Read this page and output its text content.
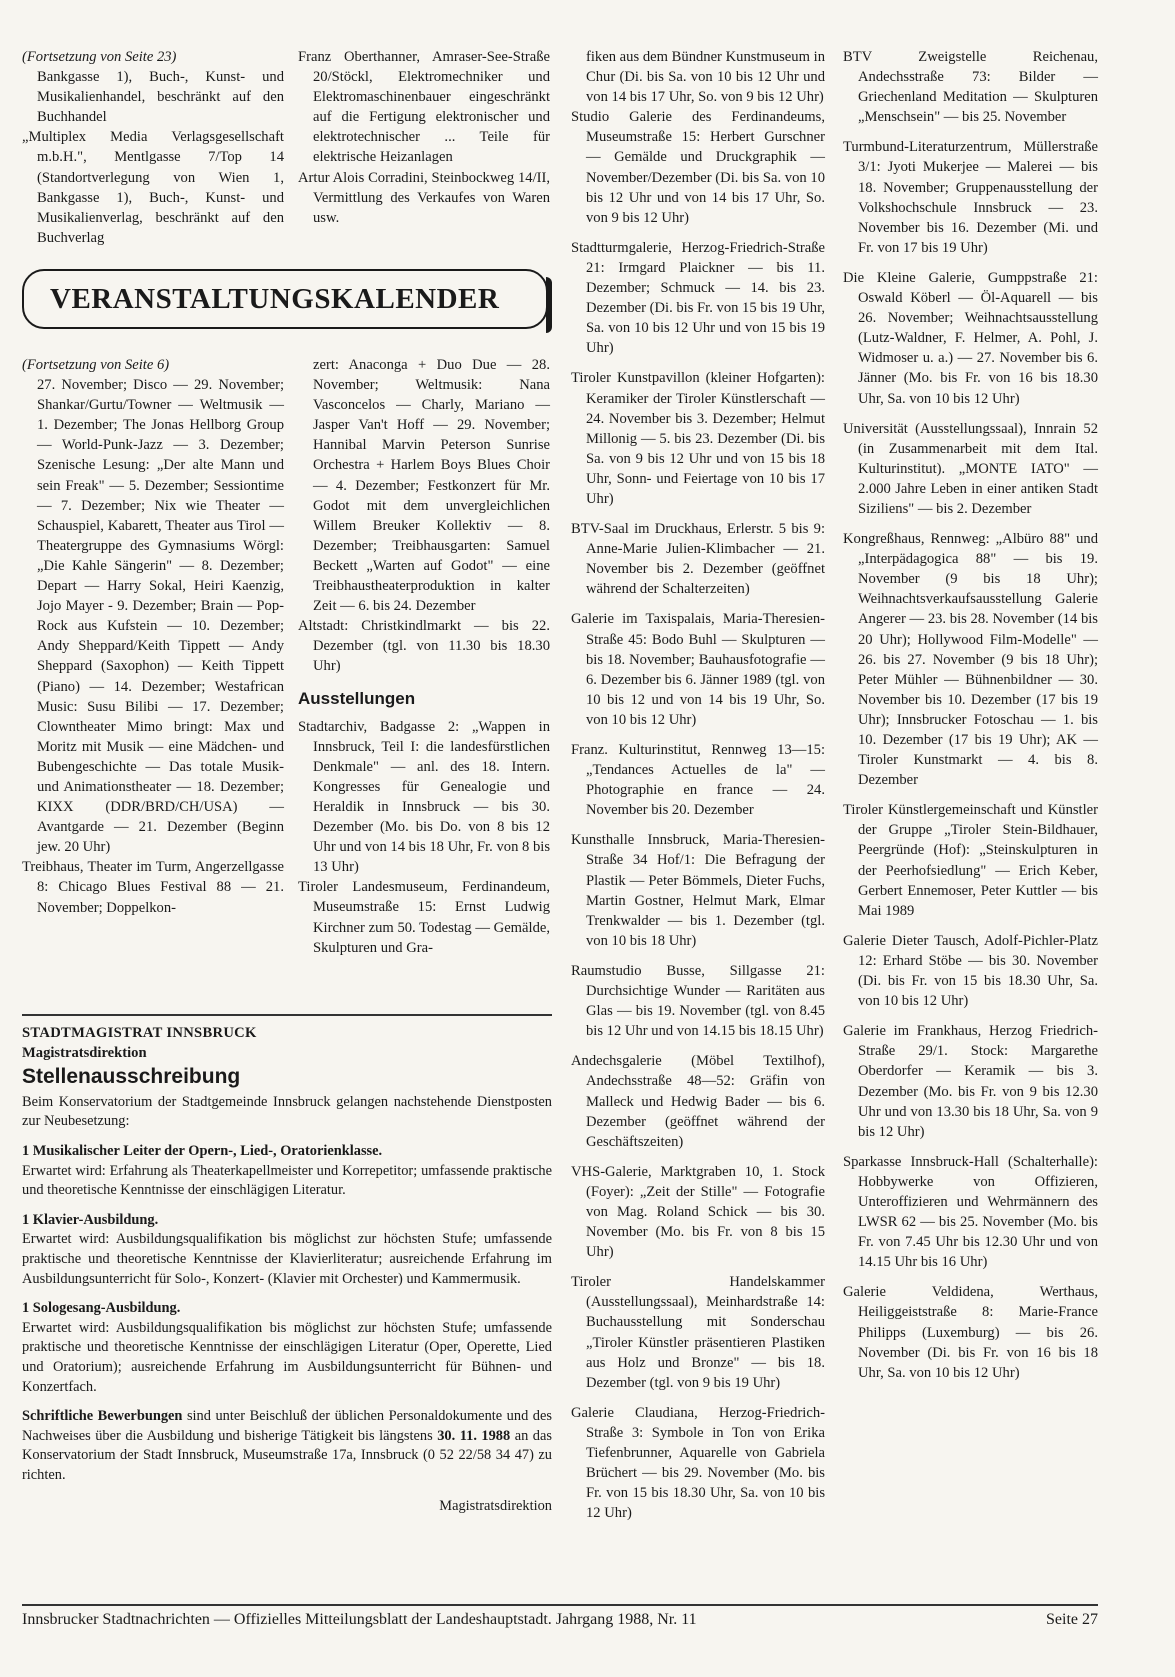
(Fortsetzung von Seite 23)

Bankgasse 1), Buch-, Kunst- und Musikalienhandel, beschränkt auf den Buchhandel

„Multiplex Media Verlagsgesellschaft m.b.H.", Mentlgasse 7/Top 14 (Standortverlegung von Wien 1, Bankgasse 1), Buch-, Kunst- und Musikalienverlag, beschränkt auf den Buchverlag

Franz Oberthanner, Amraser-See-Straße 20/Stöckl, Elektromechniker und Elektromaschinenbauer eingeschränkt auf die Fertigung elektronischer und elektrotechnischer ... Teile für elektrische Heizanlagen

Artur Alois Corradini, Steinbockweg 14/II, Vermittlung des Verkaufes von Waren usw.

VERANSTALTUNGSKALENDER

(Fortsetzung von Seite 6)

27. November; Disco — 29. November; Shankar/Gurtu/Towner — Weltmusik — 1. Dezember; The Jonas Hellborg Group — World-Punk-Jazz — 3. Dezember; Szenische Lesung: „Der alte Mann und sein Freak" — 5. Dezember; Sessiontime — 7. Dezember; Nix wie Theater — Schauspiel, Kabarett, Theater aus Tirol — Theatergruppe des Gymnasiums Wörgl: „Die Kahle Sängerin" — 8. Dezember; Depart — Harry Sokal, Heiri Kaenzig, Jojo Mayer - 9. Dezember; Brain — Pop-Rock aus Kufstein — 10. Dezember; Andy Sheppard/Keith Tippett — Andy Sheppard (Saxophon) — Keith Tippett (Piano) — 14. Dezember; Westafrican Music: Susu Bilibi — 17. Dezember; Clowntheater Mimo bringt: Max und Moritz mit Musik — eine Mädchen- und Bubengeschichte — Das totale Musik- und Animationstheater — 18. Dezember; KIXX (DDR/BRD/CH/USA) — Avantgarde — 21. Dezember (Beginn jew. 20 Uhr)

Treibhaus, Theater im Turm, Angerzellgasse 8: Chicago Blues Festival 88 — 21. November; Doppelkon-

zert: Anaconga + Duo Due — 28. November; Weltmusik: Nana Vasconcelos — Charly, Mariano — Jasper Van't Hoff — 29. November; Hannibal Marvin Peterson Sunrise Orchestra + Harlem Boys Blues Choir — 4. Dezember; Festkonzert für Mr. Godot mit dem unvergleichlichen Willem Breuker Kollektiv — 8. Dezember; Treibhausgarten: Samuel Beckett „Warten auf Godot" — eine Treibhaustheaterproduktion in kalter Zeit — 6. bis 24. Dezember

Altstadt: Christkindlmarkt — bis 22. Dezember (tgl. von 11.30 bis 18.30 Uhr)

Ausstellungen

Stadtarchiv, Badgasse 2: „Wappen in Innsbruck, Teil I: die landesfürstlichen Denkmale" — anl. des 18. Intern. Kongresses für Genealogie und Heraldik in Innsbruck — bis 30. Dezember (Mo. bis Do. von 8 bis 12 Uhr und von 14 bis 18 Uhr, Fr. von 8 bis 13 Uhr)

Tiroler Landesmuseum, Ferdinandeum, Museumstraße 15: Ernst Ludwig Kirchner zum 50. Todestag — Gemälde, Skulpturen und Gra-

fiken aus dem Bündner Kunstmuseum in Chur (Di. bis Sa. von 10 bis 12 Uhr und von 14 bis 17 Uhr, So. von 9 bis 12 Uhr)

Studio Galerie des Ferdinandeums, Museumstraße 15: Herbert Gurschner — Gemälde und Druckgraphik — November/Dezember (Di. bis Sa. von 10 bis 12 Uhr und von 14 bis 17 Uhr, So. von 9 bis 12 Uhr)

Stadtturmgalerie, Herzog-Friedrich-Straße 21: Irmgard Plaickner — bis 11. Dezember; Schmuck — 14. bis 23. Dezember (Di. bis Fr. von 15 bis 19 Uhr, Sa. von 10 bis 12 Uhr und von 15 bis 19 Uhr)

Tiroler Kunstpavillon (kleiner Hofgarten): Keramiker der Tiroler Künstlerschaft — 24. November bis 3. Dezember; Helmut Millonig — 5. bis 23. Dezember (Di. bis Sa. von 9 bis 12 Uhr und von 15 bis 18 Uhr, Sonn- und Feiertage von 10 bis 17 Uhr)

BTV-Saal im Druckhaus, Erlerstr. 5 bis 9: Anne-Marie Julien-Klimbacher — 21. November bis 2. Dezember (geöffnet während der Schalterzeiten)

Galerie im Taxispalais, Maria-Theresien-Straße 45: Bodo Buhl — Skulpturen — bis 18. November; Bauhausfotografie — 6. Dezember bis 6. Jänner 1989 (tgl. von 10 bis 12 und von 14 bis 19 Uhr, So. von 10 bis 12 Uhr)

Franz. Kulturinstitut, Rennweg 13—15: „Tendances Actuelles de la" — Photographie en france — 24. November bis 20. Dezember

Kunsthalle Innsbruck, Maria-Theresien-Straße 34 Hof/1: Die Befragung der Plastik — Peter Bömmels, Dieter Fuchs, Martin Gostner, Helmut Mark, Elmar Trenkwalder — bis 1. Dezember (tgl. von 10 bis 18 Uhr)

Raumstudio Busse, Sillgasse 21: Durchsichtige Wunder — Raritäten aus Glas — bis 19. November (tgl. von 8.45 bis 12 Uhr und von 14.15 bis 18.15 Uhr)

Andechsgalerie (Möbel Textilhof), Andechsstraße 48—52: Gräfin von Malleck und Hedwig Bader — bis 6. Dezember (geöffnet während der Geschäftszeiten)

VHS-Galerie, Marktgraben 10, 1. Stock (Foyer): „Zeit der Stille" — Fotografie von Mag. Roland Schick — bis 30. November (Mo. bis Fr. von 8 bis 15 Uhr)

Tiroler Handelskammer (Ausstellungssaal), Meinhardstraße 14: Buchausstellung mit Sonderschau „Tiroler Künstler präsentieren Plastiken aus Holz und Bronze" — bis 18. Dezember (tgl. von 9 bis 19 Uhr)

Galerie Claudiana, Herzog-Friedrich-Straße 3: Symbole in Ton von Erika Tiefenbrunner, Aquarelle von Gabriela Brüchert — bis 29. November (Mo. bis Fr. von 15 bis 18.30 Uhr, Sa. von 10 bis 12 Uhr)

BTV Zweigstelle Reichenau, Andechsstraße 73: Bilder — Griechenland Meditation — Skulpturen „Menschsein" — bis 25. November

Turmbund-Literaturzentrum, Müllerstraße 3/1: Jyoti Mukerjee — Malerei — bis 18. November; Gruppenausstellung der Volkshochschule Innsbruck — 23. November bis 16. Dezember (Mi. und Fr. von 17 bis 19 Uhr)

Die Kleine Galerie, Gumppstraße 21: Oswald Köberl — Öl-Aquarell — bis 26. November; Weihnachtsausstellung (Lutz-Waldner, F. Helmer, A. Pohl, J. Widmoser u. a.) — 27. November bis 6. Jänner (Mo. bis Fr. von 16 bis 18.30 Uhr, Sa. von 10 bis 12 Uhr)

Universität (Ausstellungssaal), Innrain 52 (in Zusammenarbeit mit dem Ital. Kulturinstitut). „MONTE IATO" — 2.000 Jahre Leben in einer antiken Stadt Siziliens" — bis 2. Dezember

Kongreßhaus, Rennweg: „Albüro 88" und „Interpädagogica 88" — bis 19. November (9 bis 18 Uhr); Weihnachtsverkaufsausstellung Galerie Angerer — 23. bis 28. November (14 bis 20 Uhr); Hollywood Film-Modelle" — 26. bis 27. November (9 bis 18 Uhr); Peter Mühler — Bühnenbildner — 30. November bis 10. Dezember (17 bis 19 Uhr); Innsbrucker Fotoschau — 1. bis 10. Dezember (17 bis 19 Uhr); AK — Tiroler Kunstmarkt — 4. bis 8. Dezember

Tiroler Künstlergemeinschaft und Künstler der Gruppe „Tiroler Stein-Bildhauer, Peergründe (Hof): „Steinskulpturen in der Peerhofsiedlung" — Erich Keber, Gerbert Ennemoser, Peter Kuttler — bis Mai 1989

Galerie Dieter Tausch, Adolf-Pichler-Platz 12: Erhard Stöbe — bis 30. November (Di. bis Fr. von 15 bis 18.30 Uhr, Sa. von 10 bis 12 Uhr)

Galerie im Frankhaus, Herzog Friedrich-Straße 29/1. Stock: Margarethe Oberdorfer — Keramik — bis 3. Dezember (Mo. bis Fr. von 9 bis 12.30 Uhr und von 13.30 bis 18 Uhr, Sa. von 9 bis 12 Uhr)

Sparkasse Innsbruck-Hall (Schalterhalle): Hobbywerke von Offizieren, Unteroffizieren und Wehrmännern des LWSR 62 — bis 25. November (Mo. bis Fr. von 7.45 Uhr bis 12.30 Uhr und von 14.15 Uhr bis 16 Uhr)

Galerie Veldidena, Werthaus, Heiliggeiststraße 8: Marie-France Philipps (Luxemburg) — bis 26. November (Di. bis Fr. von 16 bis 18 Uhr, Sa. von 10 bis 12 Uhr)

STADTMAGISTRAT INNSBRUCK

Magistratsdirektion

Stellenausschreibung

Beim Konservatorium der Stadtgemeinde Innsbruck gelangen nachstehende Dienstposten zur Neubesetzung:

1 Musikalischer Leiter der Opern-, Lied-, Oratorienklasse.

Erwartet wird: Erfahrung als Theaterkapellmeister und Korrepetitor; umfassende praktische und theoretische Kenntnisse der einschlägigen Literatur.

1 Klavier-Ausbildung.

Erwartet wird: Ausbildungsqualifikation bis möglichst zur höchsten Stufe; umfassende praktische und theoretische Kenntnisse der Klavierliteratur; ausreichende Erfahrung im Ausbildungsunterricht für Solo-, Konzert- (Klavier mit Orchester) und Kammermusik.

1 Sologesang-Ausbildung.

Erwartet wird: Ausbildungsqualifikation bis möglichst zur höchsten Stufe; umfassende praktische und theoretische Kenntnisse der einschlägigen Literatur (Oper, Operette, Lied und Oratorium); ausreichende Erfahrung im Ausbildungsunterricht für Bühnen- und Konzertfach.

Schriftliche Bewerbungen sind unter Beischluß der üblichen Personaldokumente und des Nachweises über die Ausbildung und bisherige Tätigkeit bis längstens 30. 11. 1988 an das Konservatorium der Stadt Innsbruck, Museumstraße 17a, Innsbruck (0 52 22/58 34 47) zu richten.

Magistratsdirektion

Innsbrucker Stadtnachrichten — Offizielles Mitteilungsblatt der Landeshauptstadt. Jahrgang 1988, Nr. 11	Seite 27
